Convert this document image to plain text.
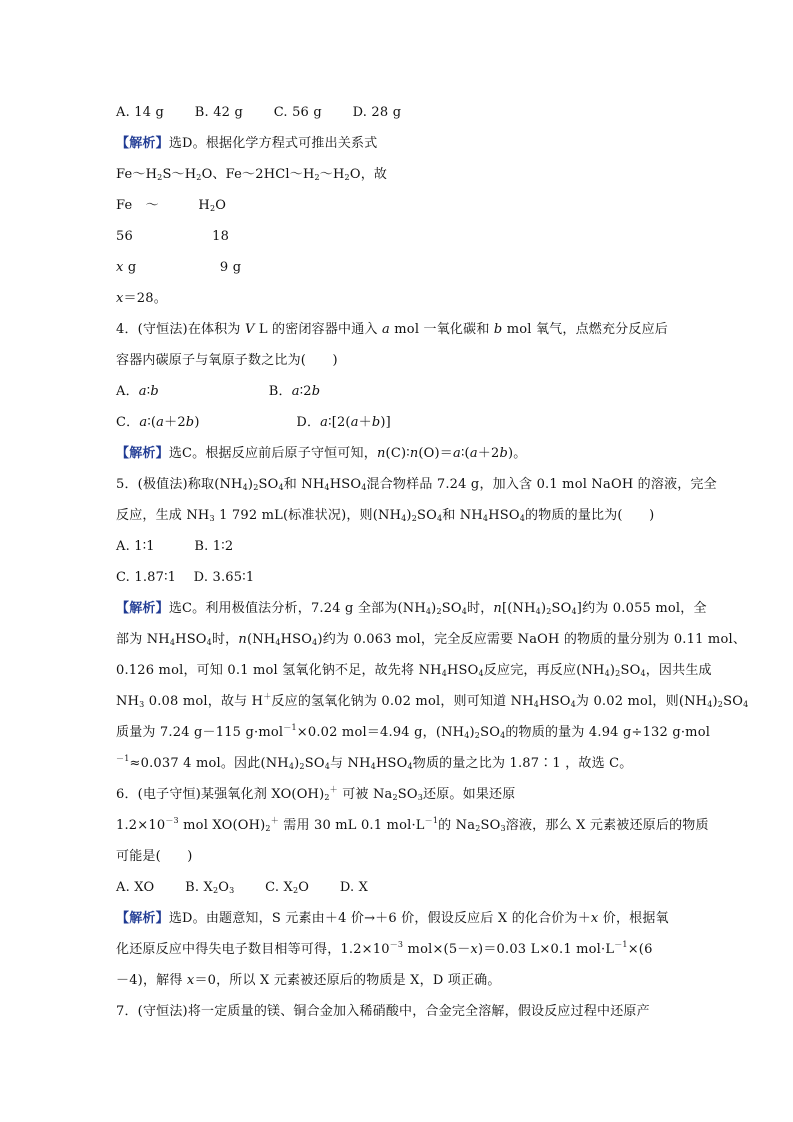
A. 14 g　　 B. 42 g　　 C. 56 g　　 D. 28 g
【解析】选D。根据化学方程式可推出关系式
$Fe\sim H_2S\sim H_2O$、$Fe\sim 2HCl\sim H_2\sim H_2O$，故
Fe　～　　　$H_2O$
56　　　　　　18
x g　　　　　　 9 g
x＝28。
4．(守恒法)在体积为 V L 的密闭容器中通入 a mol 一氧化碳和 b mol 氧气，点燃充分反应后
容器内碳原子与氧原子数之比为(　　)
A．a∶b　　　　　　　　 B．a∶2b
C．a∶(a＋2b)　　　　　　　 D．a∶[2(a＋b)]
【解析】选C。根据反应前后原子守恒可知，n(C)∶n(O)＝a∶(a＋2b)。
5．(极值法)称取$(NH_4)_2SO_4$和 $NH_4HSO_4$混合物样品 7.24 g，加入含 0.1 mol NaOH 的溶液，完全
反应，生成 $NH_3$ 1 792 mL(标准状况)，则$(NH_4)_2SO_4$和 $NH_4HSO_4$的物质的量比为(　　)
A. 1∶1　　　B. 1∶2
C. 1.87∶1　 D. 3.65∶1
【解析】选C。利用极值法分析，7.24 g 全部为$(NH_4)_2SO_4$时，$n[(NH_4)_2SO_4]$约为 0.055 mol，全
部为 $NH_4HSO_4$时，$n(NH_4HSO_4)$约为 0.063 mol，完全反应需要 NaOH 的物质的量分别为 0.11 mol、
0.126 mol，可知 0.1 mol 氢氧化钠不足，故先将 $NH_4HSO_4$反应完，再反应$(NH_4)_2SO_4$，因共生成
$NH_3$ 0.08 mol，故与 H＋反应的氢氧化钠为 0.02 mol，则可知道 $NH_4HSO_4$为 0.02 mol，则$(NH_4)_2SO_4$
质量为 7.24 g－115 g·mol$^{-1}$×0.02 mol＝4.94 g，$(NH_4)_2SO_4$的物质的量为 4.94 g÷132 g·mol
$^{-1}$≈0.037 4 mol。因此$(NH_4)_2SO_4$与 $NH_4HSO_4$物质的量之比为 1.87∶1 ，故选 C。
6．(电子守恒)某强氧化剂 $XO(OH)_2^+$ 可被 $Na_2SO_3$还原。如果还原
$1.2\times 10^{-3}$ mol $XO(OH)_2^+$ 需用 30 mL 0.1 $mol\cdot L^{-1}$的 $Na_2SO_3$溶液，那么 X 元素被还原后的物质
可能是(　　)
A. XO　　 B. $X_2O_3$　　 C. $X_2O$　　 D. X
【解析】选D。由题意知，S 元素由＋4 价→＋6 价，假设反应后 X 的化合价为＋x 价，根据氧
化还原反应中得失电子数目相等可得，$1.2\times 10^{-3}$ mol×(5－x)＝0.03 L×0.1 $mol\cdot L^{-1}\times(6$
－4)，解得 x＝0，所以 X 元素被还原后的物质是 X，D 项正确。
7．(守恒法)将一定质量的镁、铜合金加入稀硝酸中，合金完全溶解，假设反应过程中还原产
